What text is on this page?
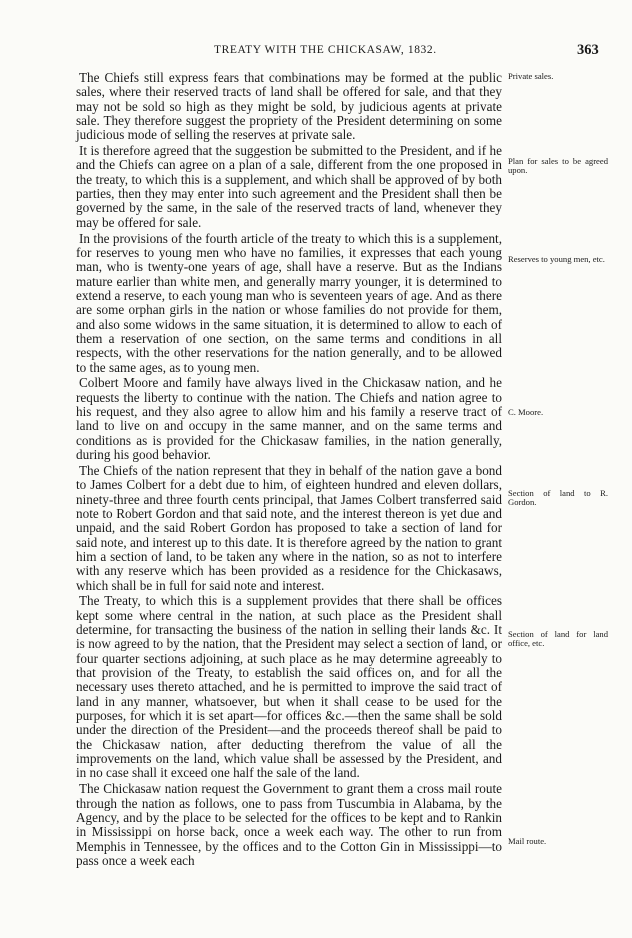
TREATY WITH THE CHICKASAW, 1832.	363

The Chiefs still express fears that combinations may be formed at the public sales, where their reserved tracts of land shall be offered for sale, and that they may not be sold so high as they might be sold, by judicious agents at private sale. They therefore suggest the propriety of the President determining on some judicious mode of selling the reserves at private sale.

It is therefore agreed that the suggestion be submitted to the President, and if he and the Chiefs can agree on a plan of a sale, different from the one proposed in the treaty, to which this is a supplement, and which shall be approved of by both parties, then they may enter into such agreement and the President shall then be governed by the same, in the sale of the reserved tracts of land, whenever they may be offered for sale.

In the provisions of the fourth article of the treaty to which this is a supplement, for reserves to young men who have no families, it expresses that each young man, who is twenty-one years of age, shall have a reserve. But as the Indians mature earlier than white men, and generally marry younger, it is determined to extend a reserve, to each young man who is seventeen years of age. And as there are some orphan girls in the nation or whose families do not provide for them, and also some widows in the same situation, it is determined to allow to each of them a reservation of one section, on the same terms and conditions in all respects, with the other reservations for the nation generally, and to be allowed to the same ages, as to young men.

Colbert Moore and family have always lived in the Chickasaw nation, and he requests the liberty to continue with the nation. The Chiefs and nation agree to his request, and they also agree to allow him and his family a reserve tract of land to live on and occupy in the same manner, and on the same terms and conditions as is provided for the Chickasaw families, in the nation generally, during his good behavior.

The Chiefs of the nation represent that they in behalf of the nation gave a bond to James Colbert for a debt due to him, of eighteen hundred and eleven dollars, ninety-three and three fourth cents principal, that James Colbert transferred said note to Robert Gordon and that said note, and the interest thereon is yet due and unpaid, and the said Robert Gordon has proposed to take a section of land for said note, and interest up to this date. It is therefore agreed by the nation to grant him a section of land, to be taken any where in the nation, so as not to interfere with any reserve which has been provided as a residence for the Chickasaws, which shall be in full for said note and interest.

The Treaty, to which this is a supplement provides that there shall be offices kept some where central in the nation, at such place as the President shall determine, for transacting the business of the nation in selling their lands &c. It is now agreed to by the nation, that the President may select a section of land, or four quarter sections adjoining, at such place as he may determine agreeably to that provision of the Treaty, to establish the said offices on, and for all the necessary uses thereto attached, and he is permitted to improve the said tract of land in any manner, whatsoever, but when it shall cease to be used for the purposes, for which it is set apart—for offices &c.—then the same shall be sold under the direction of the President—and the proceeds thereof shall be paid to the Chickasaw nation, after deducting therefrom the value of all the improvements on the land, which value shall be assessed by the President, and in no case shall it exceed one half the sale of the land.

The Chickasaw nation request the Government to grant them a cross mail route through the nation as follows, one to pass from Tuscumbia in Alabama, by the Agency, and by the place to be selected for the offices to be kept and to Rankin in Mississippi on horse back, once a week each way. The other to run from Memphis in Tennessee, by the offices and to the Cotton Gin in Mississippi—to pass once a week each

Private sales.
Plan for sales to be agreed upon.
Reserves to young men, etc.
C. Moore.
Section of land to R. Gordon.
Section of land for land office, etc.
Mail route.
